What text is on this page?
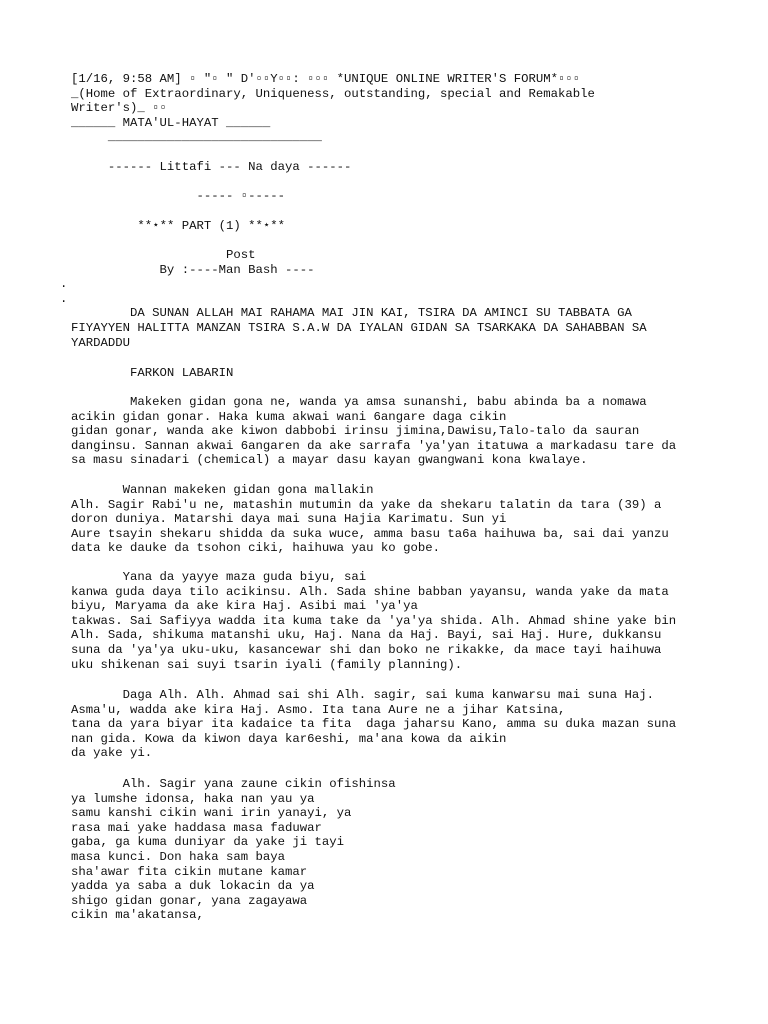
[1/16, 9:58 AM] ▫ "▫ " D'▫▫Y▫▫: ▫▫▫ *UNIQUE ONLINE WRITER'S FORUM*▫▫▫
_(Home of Extraordinary, Uniqueness, outstanding, special and Remakable
Writer's)_ ▫▫
______ MATA'UL-HAYAT ______
_____________________________
------ Littafi --- Na daya ------
----- ▫-----
**⋆** PART (1) **⋆**
Post
By :----Man Bash ----
.
.
DA SUNAN ALLAH MAI RAHAMA MAI JIN KAI, TSIRA DA AMINCI SU TABBATA GA
FIYAYYEN HALITTA MANZAN TSIRA S.A.W DA IYALAN GIDAN SA TSARKAKA DA SAHABBAN SA
YARDADDU
FARKON LABARIN
Makeken gidan gona ne, wanda ya amsa sunanshi, babu abinda ba a nomawa
acikin gidan gonar. Haka kuma akwai wani 6angare daga cikin
gidan gonar, wanda ake kiwon dabbobi irinsu jimina,Dawisu,Talo-talo da sauran
danginsu. Sannan akwai 6angaren da ake sarrafa 'ya'yan itatuwa a markadasu tare da
sa masu sinadari (chemical) a mayar dasu kayan gwangwani kona kwalaye.
Wannan makeken gidan gona mallakin
Alh. Sagir Rabi'u ne, matashin mutumin da yake da shekaru talatin da tara (39) a
doron duniya. Matarshi daya mai suna Hajia Karimatu. Sun yi
Aure tsayin shekaru shidda da suka wuce, amma basu ta6a haihuwa ba, sai dai yanzu
data ke dauke da tsohon ciki, haihuwa yau ko gobe.
Yana da yayye maza guda biyu, sai
kanwa guda daya tilo acikinsu. Alh. Sada shine babban yayansu, wanda yake da mata
biyu, Maryama da ake kira Haj. Asibi mai 'ya'ya
takwas. Sai Safiyya wadda ita kuma take da 'ya'ya shida. Alh. Ahmad shine yake bin
Alh. Sada, shikuma matanshi uku, Haj. Nana da Haj. Bayi, sai Haj. Hure, dukkansu
suna da 'ya'ya uku-uku, kasancewar shi dan boko ne rikakke, da mace tayi haihuwa
uku shikenan sai suyi tsarin iyali (family planning).
Daga Alh. Alh. Ahmad sai shi Alh. sagir, sai kuma kanwarsu mai suna Haj.
Asma'u, wadda ake kira Haj. Asmo. Ita tana Aure ne a jihar Katsina,
tana da yara biyar ita kadaice ta fita  daga jaharsu Kano, amma su duka mazan suna
nan gida. Kowa da kiwon daya kar6eshi, ma'ana kowa da aikin
da yake yi.
Alh. Sagir yana zaune cikin ofishinsa
ya lumshe idonsa, haka nan yau ya
samu kanshi cikin wani irin yanayi, ya
rasa mai yake haddasa masa faduwar
gaba, ga kuma duniyar da yake ji tayi
masa kunci. Don haka sam baya
sha'awar fita cikin mutane kamar
yadda ya saba a duk lokacin da ya
shigo gidan gonar, yana zagayawa
cikin ma'akatansa,
